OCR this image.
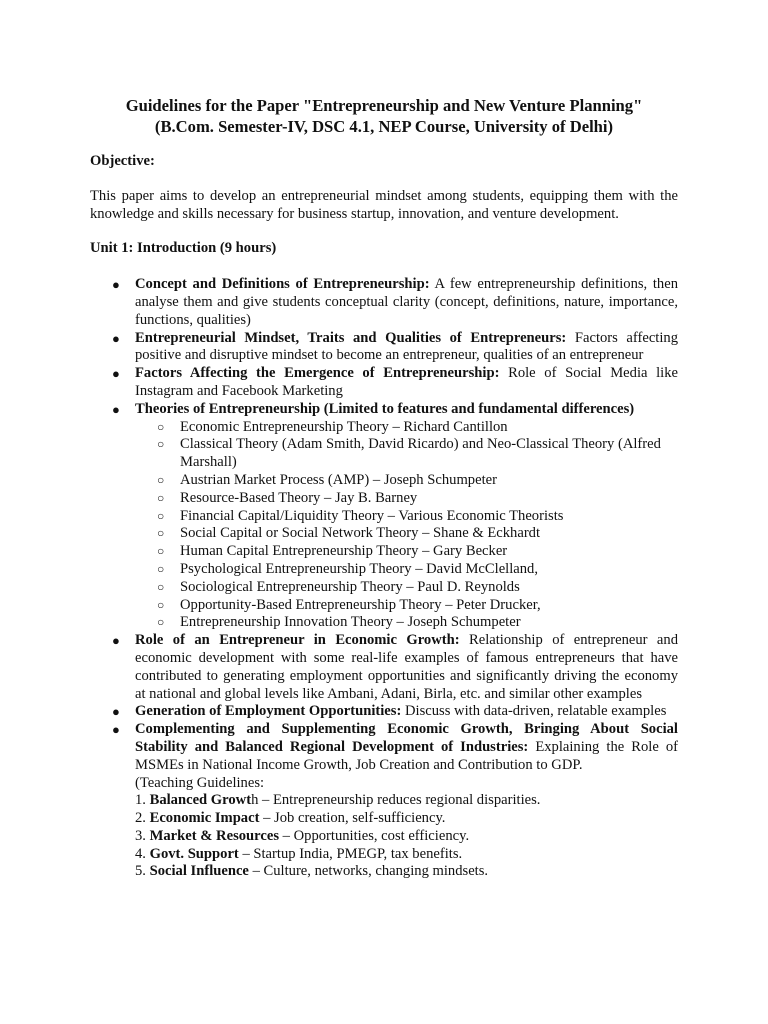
Guidelines for the Paper "Entrepreneurship and New Venture Planning"
(B.Com. Semester-IV, DSC 4.1, NEP Course, University of Delhi)

Objective:

This paper aims to develop an entrepreneurial mindset among students, equipping them with the knowledge and skills necessary for business startup, innovation, and venture development.

Unit 1: Introduction (9 hours)

● Concept and Definitions of Entrepreneurship: A few entrepreneurship definitions, then analyse them and give students conceptual clarity (concept, definitions, nature, importance, functions, qualities)
● Entrepreneurial Mindset, Traits and Qualities of Entrepreneurs: Factors affecting positive and disruptive mindset to become an entrepreneur, qualities of an entrepreneur
● Factors Affecting the Emergence of Entrepreneurship: Role of Social Media like Instagram and Facebook Marketing
● Theories of Entrepreneurship (Limited to features and fundamental differences)
○ Economic Entrepreneurship Theory – Richard Cantillon
○ Classical Theory (Adam Smith, David Ricardo) and Neo-Classical Theory (Alfred Marshall)
○ Austrian Market Process (AMP) – Joseph Schumpeter
○ Resource-Based Theory – Jay B. Barney
○ Financial Capital/Liquidity Theory – Various Economic Theorists
○ Social Capital or Social Network Theory – Shane & Eckhardt
○ Human Capital Entrepreneurship Theory – Gary Becker
○ Psychological Entrepreneurship Theory – David McClelland,
○ Sociological Entrepreneurship Theory – Paul D. Reynolds
○ Opportunity-Based Entrepreneurship Theory – Peter Drucker,
○ Entrepreneurship Innovation Theory – Joseph Schumpeter
● Role of an Entrepreneur in Economic Growth: Relationship of entrepreneur and economic development with some real-life examples of famous entrepreneurs that have contributed to generating employment opportunities and significantly driving the economy at national and global levels like Ambani, Adani, Birla, etc. and similar other examples
● Generation of Employment Opportunities: Discuss with data-driven, relatable examples
● Complementing and Supplementing Economic Growth, Bringing About Social Stability and Balanced Regional Development of Industries: Explaining the Role of MSMEs in National Income Growth, Job Creation and Contribution to GDP.
(Teaching Guidelines:
1. Balanced Growth – Entrepreneurship reduces regional disparities.
2. Economic Impact – Job creation, self-sufficiency.
3. Market & Resources – Opportunities, cost efficiency.
4. Govt. Support – Startup India, PMEGP, tax benefits.
5. Social Influence – Culture, networks, changing mindsets.
